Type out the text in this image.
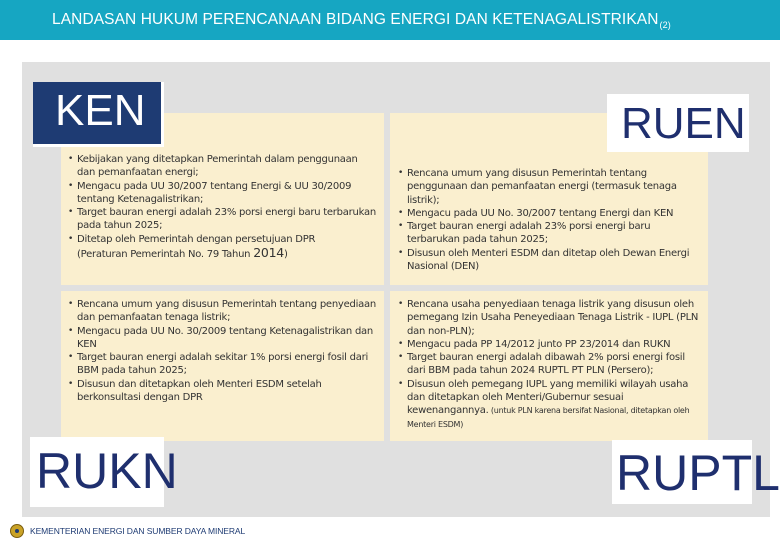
LANDASAN HUKUM PERENCANAAN BIDANG ENERGI DAN $KETENAGALISTRIKAN_{(2)}$
• Kebijakan yang ditetapkan Pemerintah dalam penggunaan dan pemanfaatan energi;
• Mengacu pada UU 30/2007 tentang Energi & UU 30/2009 tentang Ketenagalistrikan;
• Target bauran energi adalah 23% porsi energi baru terbarukan pada tahun 2025;
• Ditetap oleh Pemerintah dengan persetujuan DPR
(Peraturan Pemerintah No. 79 Tahun 2014)
• Rencana umum yang disusun Pemerintah tentang penggunaan dan pemanfaatan energi (termasuk tenaga listrik);
• Mengacu pada UU No. 30/2007 tentang Energi dan KEN
• Target bauran energi adalah 23% porsi energi baru terbarukan pada tahun 2025;
• Disusun oleh Menteri ESDM dan ditetap oleh Dewan Energi Nasional (DEN)
• Rencana umum yang disusun Pemerintah tentang penyediaan dan pemanfaatan tenaga listrik;
• Mengacu pada UU No. 30/2009 tentang Ketenagalistrikan dan KEN
• Target bauran energi adalah sekitar 1% porsi energi fosil dari BBM pada tahun 2025;
• Disusun dan ditetapkan oleh Menteri ESDM setelah berkonsultasi dengan DPR
• Rencana usaha penyediaan tenaga listrik yang disusun oleh pemegang Izin Usaha Peneyediaan Tenaga Listrik - IUPL (PLN dan non-PLN);
• Mengacu pada PP 14/2012 junto PP 23/2014 dan RUKN
• Target bauran energi adalah dibawah 2% porsi energi fosil dari BBM pada tahun 2024 RUPTL PT PLN (Persero);
• Disusun oleh pemegang IUPL yang memiliki wilayah usaha dan ditetapkan oleh Menteri/Gubernur sesuai kewenangannya. (untuk PLN karena bersifat Nasional, ditetapkan oleh Menteri ESDM)
KEN	RUEN
RUKN	RUPTL
KEMENTERIAN ENERGI DAN SUMBER DAYA MINERAL
